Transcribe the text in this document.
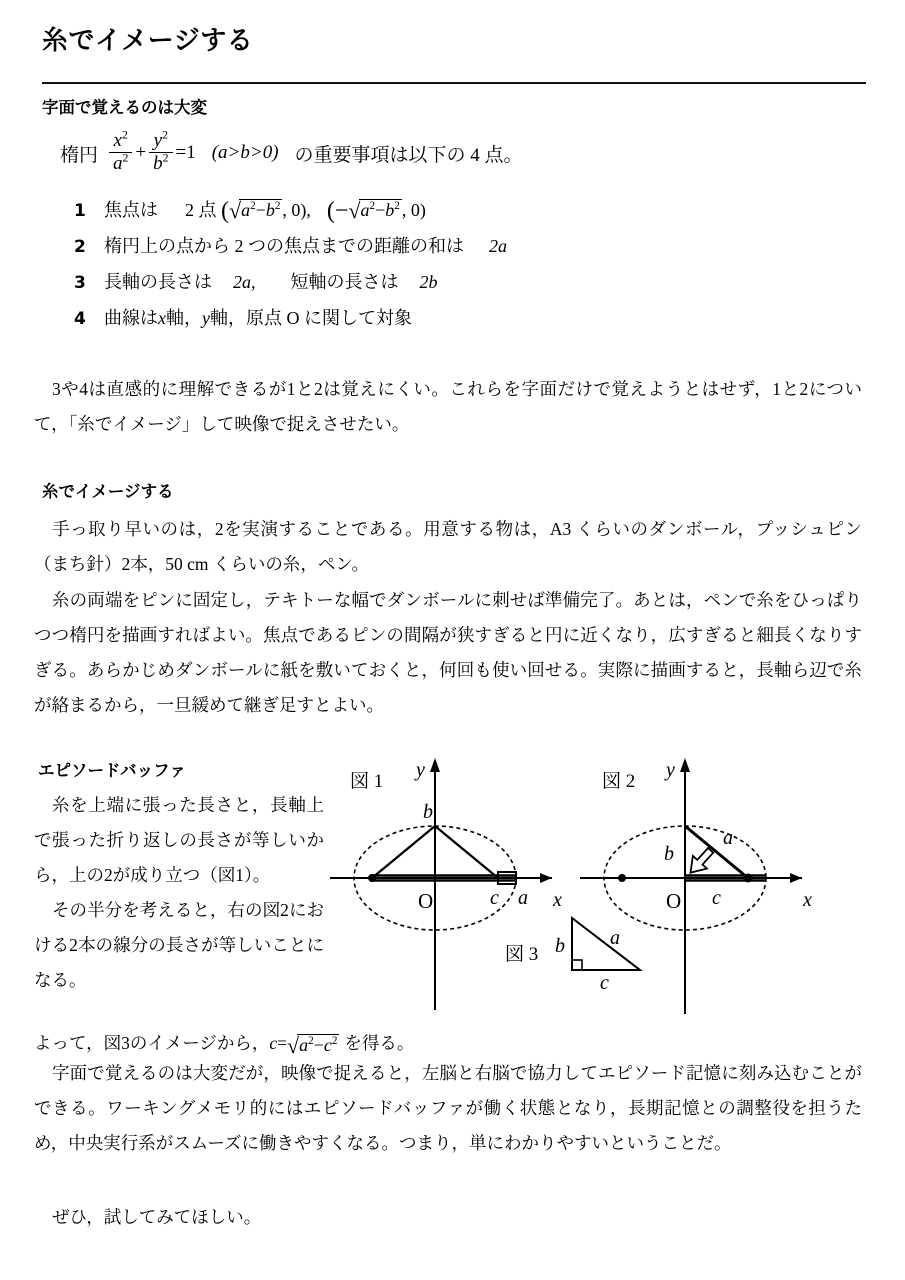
糸でイメージする
字面で覚えるのは大変
楕円 $\frac{x^2}{a^2} + \frac{y^2}{b^2} =1$ (a>b>0) の重要事項は以下の 4 点。
1	焦点は 2 点 ( √ $a^2-b^2$ , 0), (− √ $a^2-b^2$ , 0)
2	楕円上の点から 2 つの焦点までの距離の和は 2a
3	長軸の長さは 2a, 短軸の長さは 2b
4	曲線はx軸，y軸，原点 O に関して対象
3や4は直感的に理解できるが1と2は覚えにくい。これらを字面だけで覚えようとはせず，1と2について，「糸でイメージ」して映像で捉えさせたい。
糸でイメージする
手っ取り早いのは，2を実演することである。用意する物は，A3 くらいのダンボール，プッシュピン（まち針）2本，50 cm くらいの糸，ペン。
糸の両端をピンに固定し，テキトーな幅でダンボールに刺せば準備完了。あとは，ペンで糸をひっぱりつつ楕円を描画すればよい。焦点であるピンの間隔が狭すぎると円に近くなり，広すぎると細長くなりすぎる。あらかじめダンボールに紙を敷いておくと，何回も使い回せる。実際に描画すると，長軸ら辺で糸が絡まるから，一旦緩めて継ぎ足すとよい。
エピソードバッファ
糸を上端に張った長さと，長軸上で張った折り返しの長さが等しいから，上の2が成り立つ（図1）。
その半分を考えると，右の図2における2本の線分の長さが等しいことになる。
図 1	図 2
図 3
b
c a
O	x
y
a
b
c
O	x
y
b a
c
よって，図3のイメージから， c = √ $a^2-c^2$ を得る。
字面で覚えるのは大変だが，映像で捉えると，左脳と右脳で協力してエピソード記憶に刻み込むことができる。ワーキングメモリ的にはエピソードバッファが働く状態となり，長期記憶との調整役を担うため，中央実行系がスムーズに働きやすくなる。つまり，単にわかりやすいということだ。
ぜひ，試してみてほしい。
